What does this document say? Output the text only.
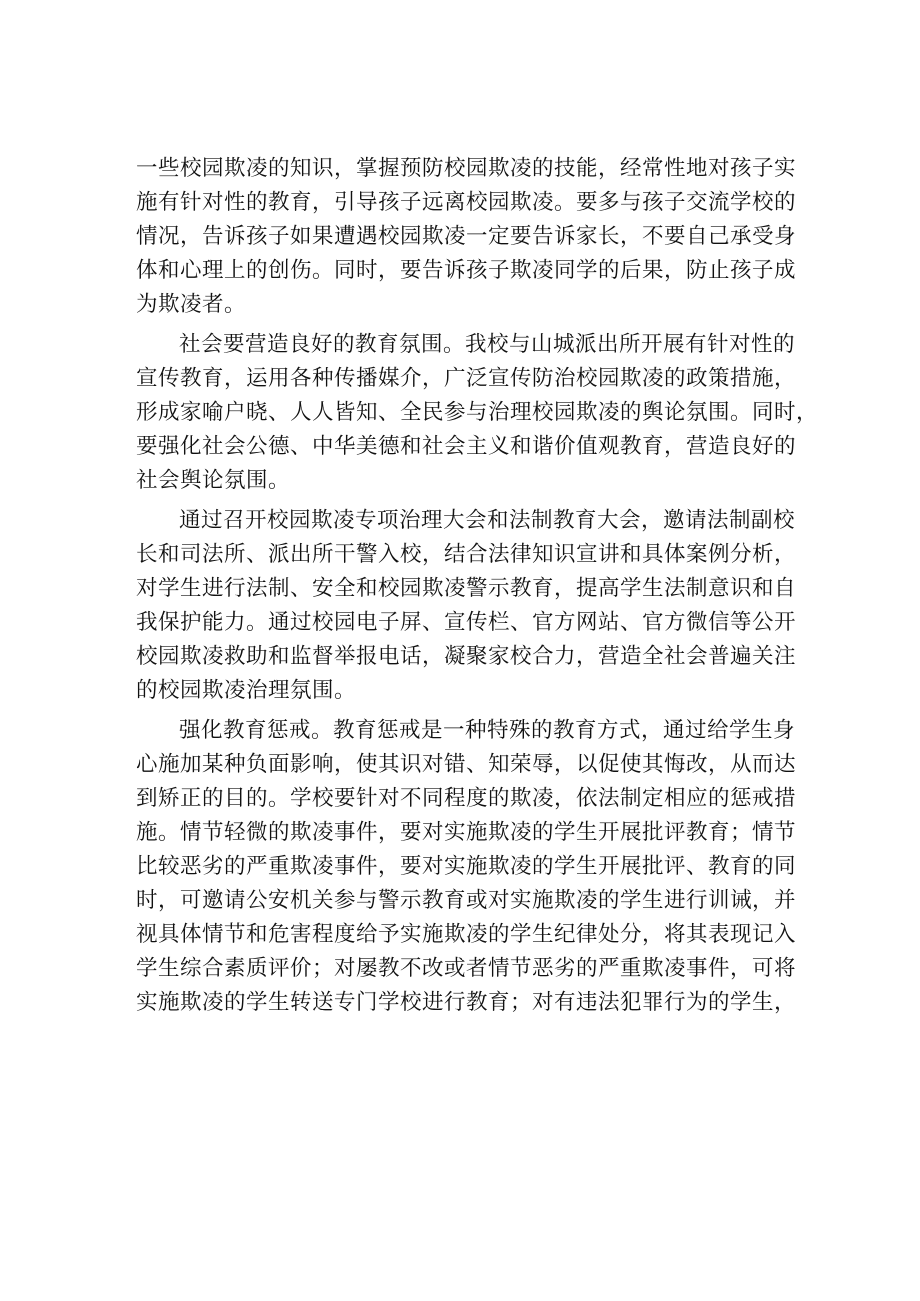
一些校园欺凌的知识，掌握预防校园欺凌的技能，经常性地对孩子实
施有针对性的教育，引导孩子远离校园欺凌。要多与孩子交流学校的
情况，告诉孩子如果遭遇校园欺凌一定要告诉家长，不要自己承受身
体和心理上的创伤。同时，要告诉孩子欺凌同学的后果，防止孩子成
为欺凌者。
社会要营造良好的教育氛围。我校与山城派出所开展有针对性的
宣传教育，运用各种传播媒介，广泛宣传防治校园欺凌的政策措施，
形成家喻户晓、人人皆知、全民参与治理校园欺凌的舆论氛围。同时，
要强化社会公德、中华美德和社会主义和谐价值观教育，营造良好的
社会舆论氛围。
通过召开校园欺凌专项治理大会和法制教育大会，邀请法制副校
长和司法所、派出所干警入校，结合法律知识宣讲和具体案例分析，
对学生进行法制、安全和校园欺凌警示教育，提高学生法制意识和自
我保护能力。通过校园电子屏、宣传栏、官方网站、官方微信等公开
校园欺凌救助和监督举报电话，凝聚家校合力，营造全社会普遍关注
的校园欺凌治理氛围。
强化教育惩戒。教育惩戒是一种特殊的教育方式，通过给学生身
心施加某种负面影响，使其识对错、知荣辱，以促使其悔改，从而达
到矫正的目的。学校要针对不同程度的欺凌，依法制定相应的惩戒措
施。情节轻微的欺凌事件，要对实施欺凌的学生开展批评教育；情节
比较恶劣的严重欺凌事件，要对实施欺凌的学生开展批评、教育的同
时，可邀请公安机关参与警示教育或对实施欺凌的学生进行训诫，并
视具体情节和危害程度给予实施欺凌的学生纪律处分，将其表现记入
学生综合素质评价；对屡教不改或者情节恶劣的严重欺凌事件，可将
实施欺凌的学生转送专门学校进行教育；对有违法犯罪行为的学生，
